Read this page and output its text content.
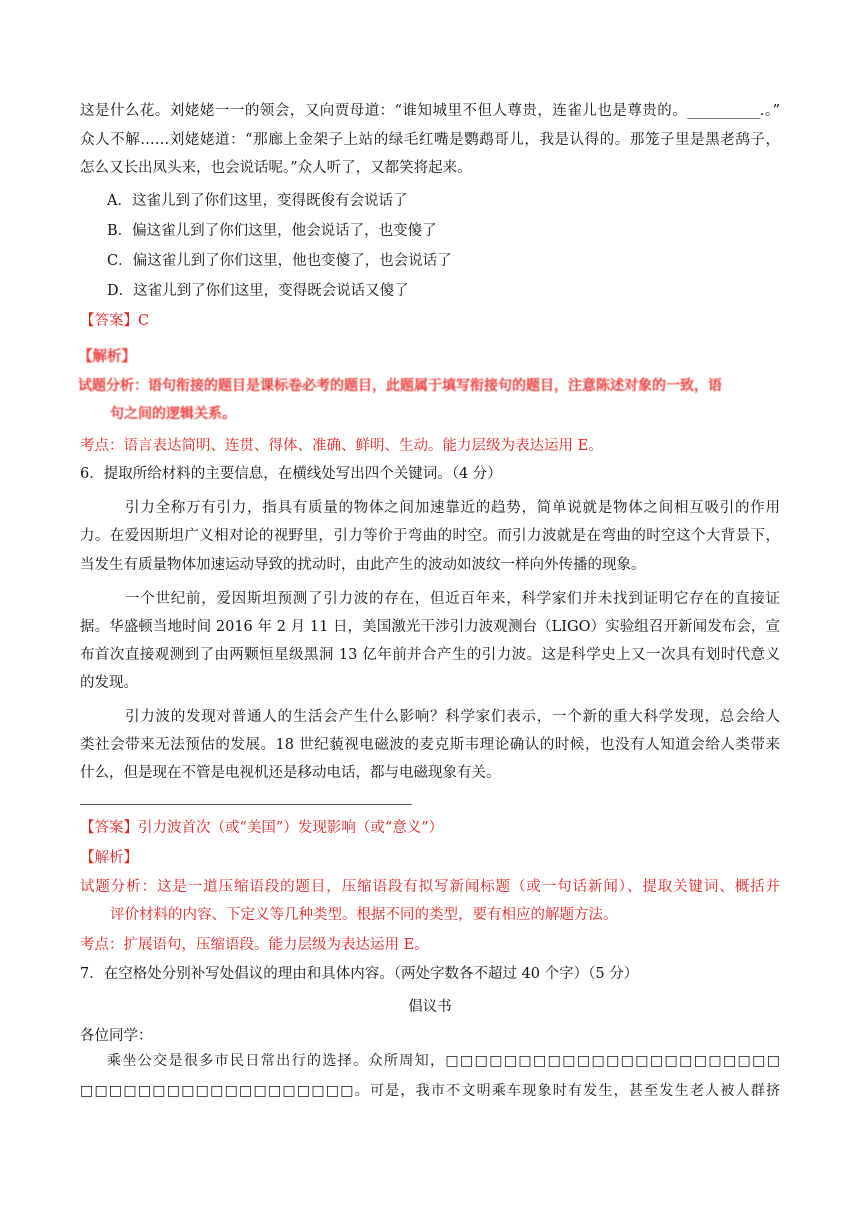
这是什么花。刘姥姥一一的领会，又向贾母道：“谁知城里不但人尊贵，连雀儿也是尊贵的。__________.。”
众人不解……刘姥姥道：“那廊上金架子上站的绿毛红嘴是鹦鹉哥儿，我是认得的。那笼子里是黑老鸹子，
怎么又长出凤头来，也会说话呢。”众人听了，又都笑将起来。
A．这雀儿到了你们这里，变得既俊有会说话了
B．偏这雀儿到了你们这里，他会说话了，也变傻了
C．偏这雀儿到了你们这里，他也变傻了，也会说话了
D．这雀儿到了你们这里，变得既会说话又傻了
【答案】C
【解析】
试题分析：语句衔接的题目是课标卷必考的题目，此题属于填写衔接句的题目，注意陈述对象的一致，语
句之间的逻辑关系。
考点：语言表达简明、连贯、得体、准确、鲜明、生动。能力层级为表达运用 E。
6．提取所给材料的主要信息，在横线处写出四个关键词。（4 分）
引力全称万有引力，指具有质量的物体之间加速靠近的趋势，简单说就是物体之间相互吸引的作用
力。在爱因斯坦广义相对论的视野里，引力等价于弯曲的时空。而引力波就是在弯曲的时空这个大背景下，
当发生有质量物体加速运动导致的扰动时，由此产生的波动如波纹一样向外传播的现象。
一个世纪前，爱因斯坦预测了引力波的存在，但近百年来，科学家们并未找到证明它存在的直接证
据。华盛顿当地时间 2016 年 2 月 11 日，美国激光干涉引力波观测台（LIGO）实验组召开新闻发布会，宣
布首次直接观测到了由两颗恒星级黑洞 13 亿年前并合产生的引力波。这是科学史上又一次具有划时代意义
的发现。
引力波的发现对普通人的生活会产生什么影响？科学家们表示，一个新的重大科学发现，总会给人
类社会带来无法预估的发展。18 世纪藐视电磁波的麦克斯韦理论确认的时候，也没有人知道会给人类带来
什么，但是现在不管是电视机还是移动电话，都与电磁现象有关。
【答案】引力波首次（或“美国”）发现影响（或“意义”）
【解析】
试题分析：这是一道压缩语段的题目，压缩语段有拟写新闻标题（或一句话新闻）、提取关键词、概括并
评价材料的内容、下定义等几种类型。根据不同的类型，要有相应的解题方法。
考点：扩展语句，压缩语段。能力层级为表达运用 E。
7．在空格处分别补写处倡议的理由和具体内容。（两处字数各不超过 40 个字）（5 分）
倡议书
各位同学：
乘坐公交是很多市民日常出行的选择。众所周知，□□□□□□□□□□□□□□□□□□□□□□□
□□□□□□□□□□□□□□□□□□□。可是，我市不文明乘车现象时有发生，甚至发生老人被人群挤
